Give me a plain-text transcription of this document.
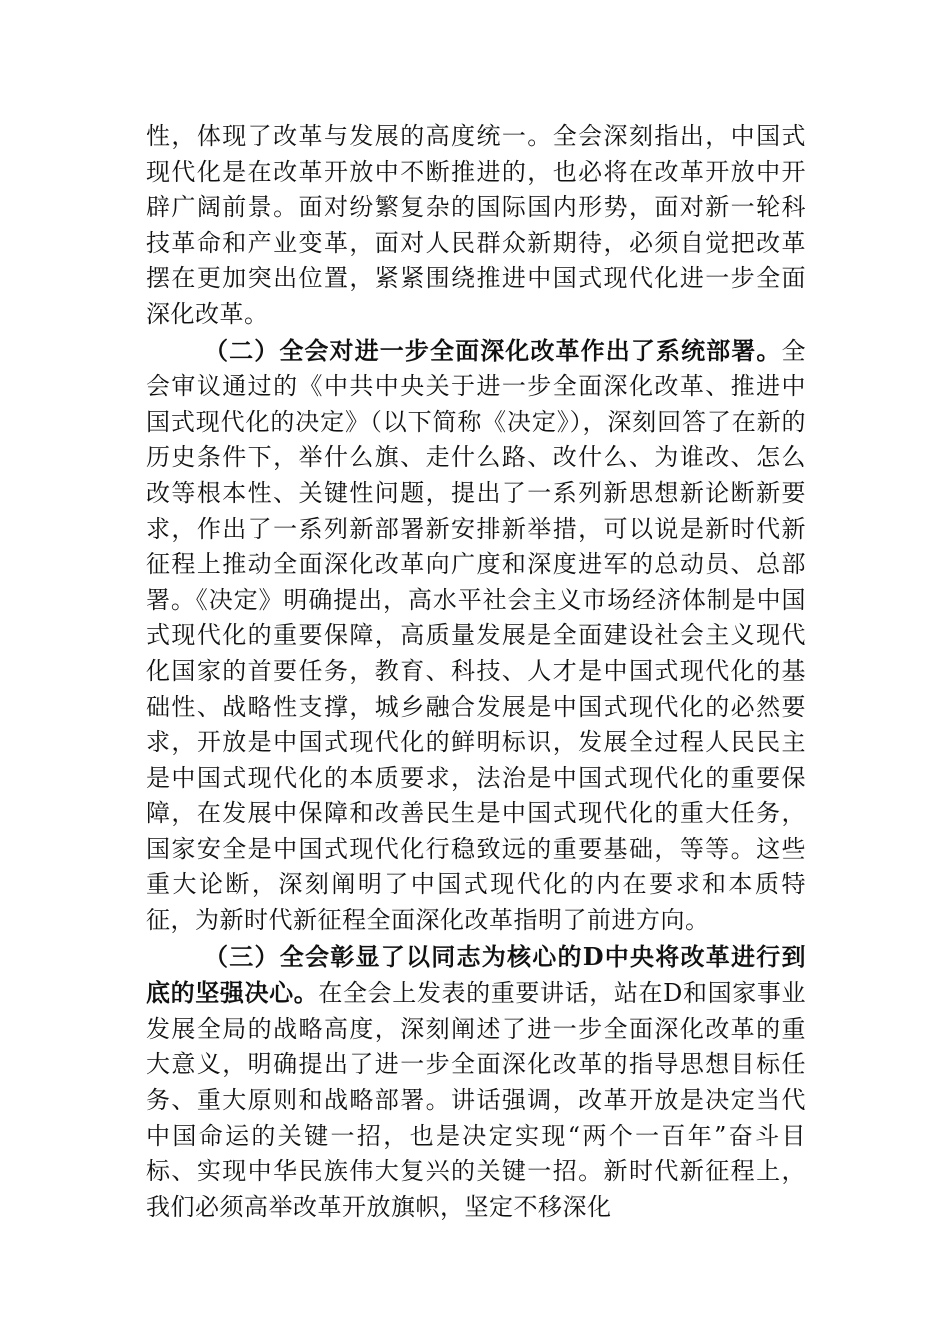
性，体现了改革与发展的高度统一。全会深刻指出，中国式现代化是在改革开放中不断推进的，也必将在改革开放中开辟广阔前景。面对纷繁复杂的国际国内形势，面对新一轮科技革命和产业变革，面对人民群众新期待，必须自觉把改革摆在更加突出位置，紧紧围绕推进中国式现代化进一步全面深化改革。

（二）全会对进一步全面深化改革作出了系统部署。全会审议通过的《中共中央关于进一步全面深化改革、推进中国式现代化的决定》（以下简称《决定》），深刻回答了在新的历史条件下，举什么旗、走什么路、改什么、为谁改、怎么改等根本性、关键性问题，提出了一系列新思想新论断新要求，作出了一系列新部署新安排新举措，可以说是新时代新征程上推动全面深化改革向广度和深度进军的总动员、总部署。《决定》明确提出，高水平社会主义市场经济体制是中国式现代化的重要保障，高质量发展是全面建设社会主义现代化国家的首要任务，教育、科技、人才是中国式现代化的基础性、战略性支撑，城乡融合发展是中国式现代化的必然要求，开放是中国式现代化的鲜明标识，发展全过程人民民主是中国式现代化的本质要求，法治是中国式现代化的重要保障，在发展中保障和改善民生是中国式现代化的重大任务，国家安全是中国式现代化行稳致远的重要基础，等等。这些重大论断，深刻阐明了中国式现代化的内在要求和本质特征，为新时代新征程全面深化改革指明了前进方向。

（三）全会彰显了以同志为核心的D中央将改革进行到底的坚强决心。在全会上发表的重要讲话，站在D和国家事业发展全局的战略高度，深刻阐述了进一步全面深化改革的重大意义，明确提出了进一步全面深化改革的指导思想目标任务、重大原则和战略部署。讲话强调，改革开放是决定当代中国命运的关键一招，也是决定实现“两个一百年”奋斗目标、实现中华民族伟大复兴的关键一招。新时代新征程上，我们必须高举改革开放旗帜，坚定不移深化
